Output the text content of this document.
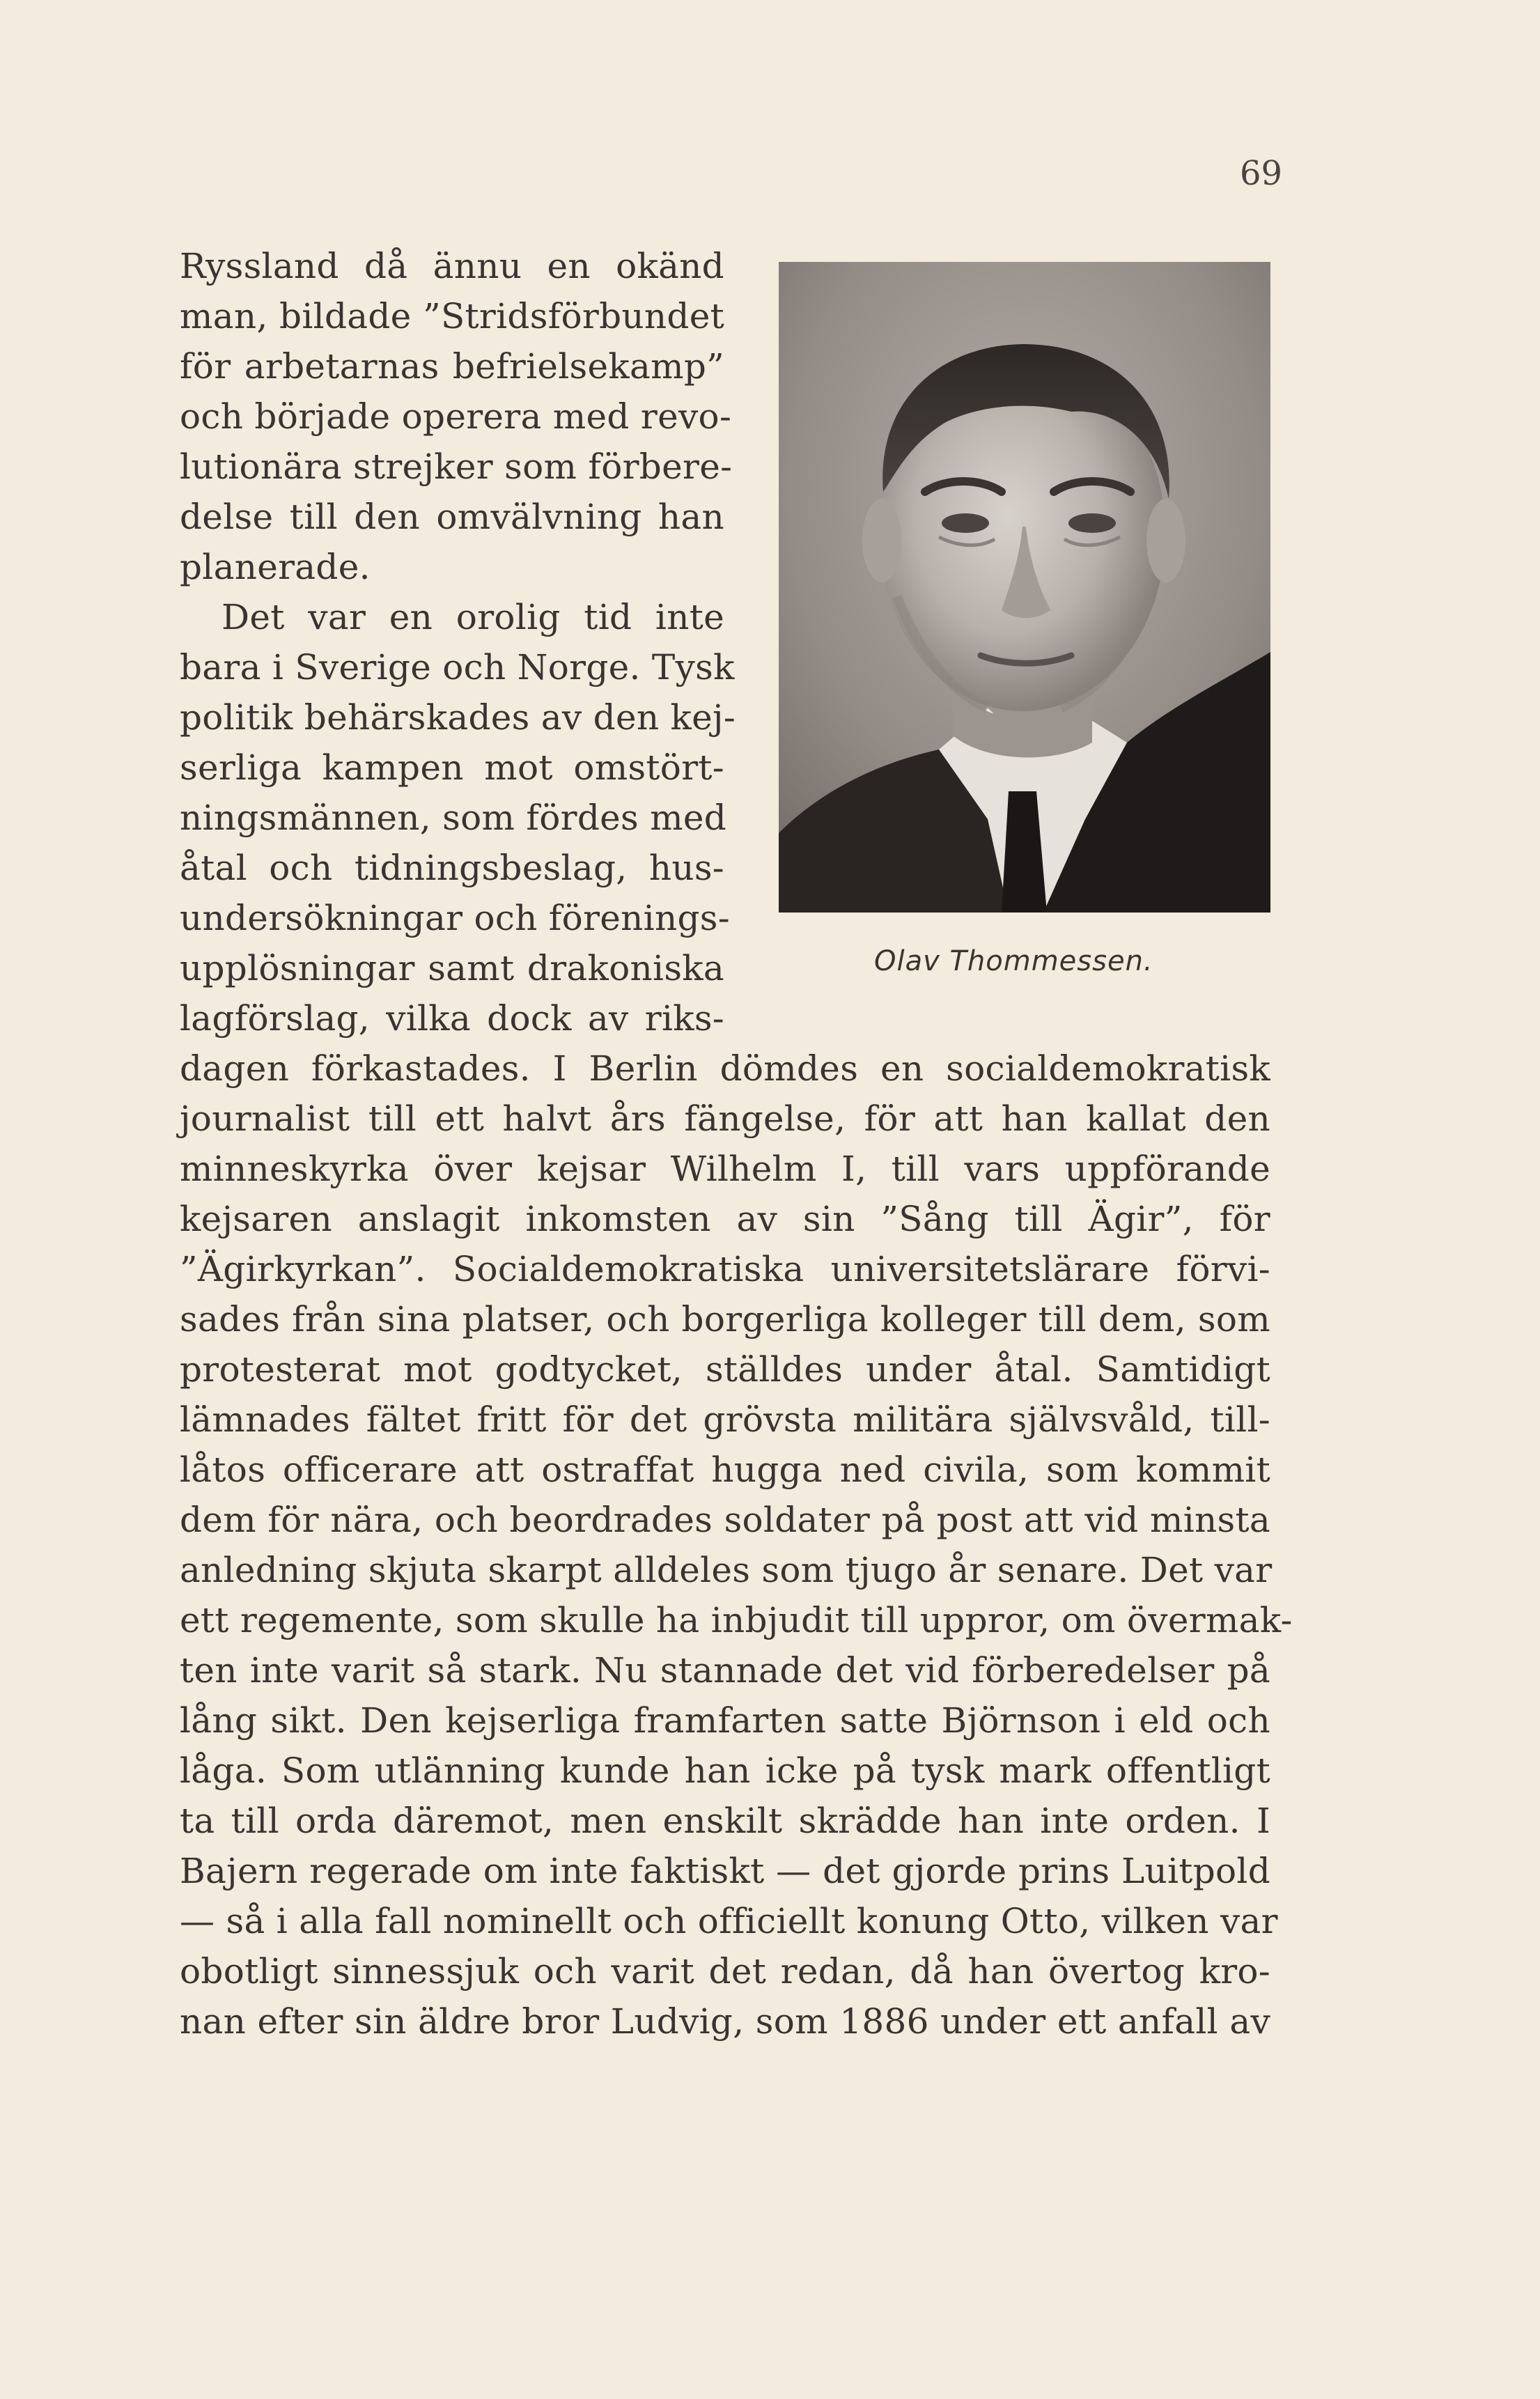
69
Ryssland då ännu en okänd
man, bildade ”Stridsförbundet
för arbetarnas befrielsekamp”
och började operera med revo-
lutionära strejker som förbere-
delse till den omvälvning han
planerade.
Det var en orolig tid inte
bara i Sverige och Norge. Tysk
politik behärskades av den kej-
serliga kampen mot omstört-
ningsmännen, som fördes med
åtal och tidningsbeslag, hus-
undersökningar och förenings-
upplösningar samt drakoniska
lagförslag, vilka dock av riks-
Olav Thommessen.
dagen förkastades. I Berlin dömdes en socialdemokratisk
journalist till ett halvt års fängelse, för att han kallat den
minneskyrka över kejsar Wilhelm I, till vars uppförande
kejsaren anslagit inkomsten av sin ”Sång till Ägir”, för
”Ägirkyrkan”. Socialdemokratiska universitetslärare förvi-
sades från sina platser, och borgerliga kolleger till dem, som
protesterat mot godtycket, ställdes under åtal. Samtidigt
lämnades fältet fritt för det grövsta militära självsvåld, till-
låtos officerare att ostraffat hugga ned civila, som kommit
dem för nära, och beordrades soldater på post att vid minsta
anledning skjuta skarpt alldeles som tjugo år senare. Det var
ett regemente, som skulle ha inbjudit till uppror, om övermak-
ten inte varit så stark. Nu stannade det vid förberedelser på
lång sikt. Den kejserliga framfarten satte Björnson i eld och
låga. Som utlänning kunde han icke på tysk mark offentligt
ta till orda däremot, men enskilt skrädde han inte orden. I
Bajern regerade om inte faktiskt — det gjorde prins Luitpold
— så i alla fall nominellt och officiellt konung Otto, vilken var
obotligt sinnessjuk och varit det redan, då han övertog kro-
nan efter sin äldre bror Ludvig, som 1886 under ett anfall av
